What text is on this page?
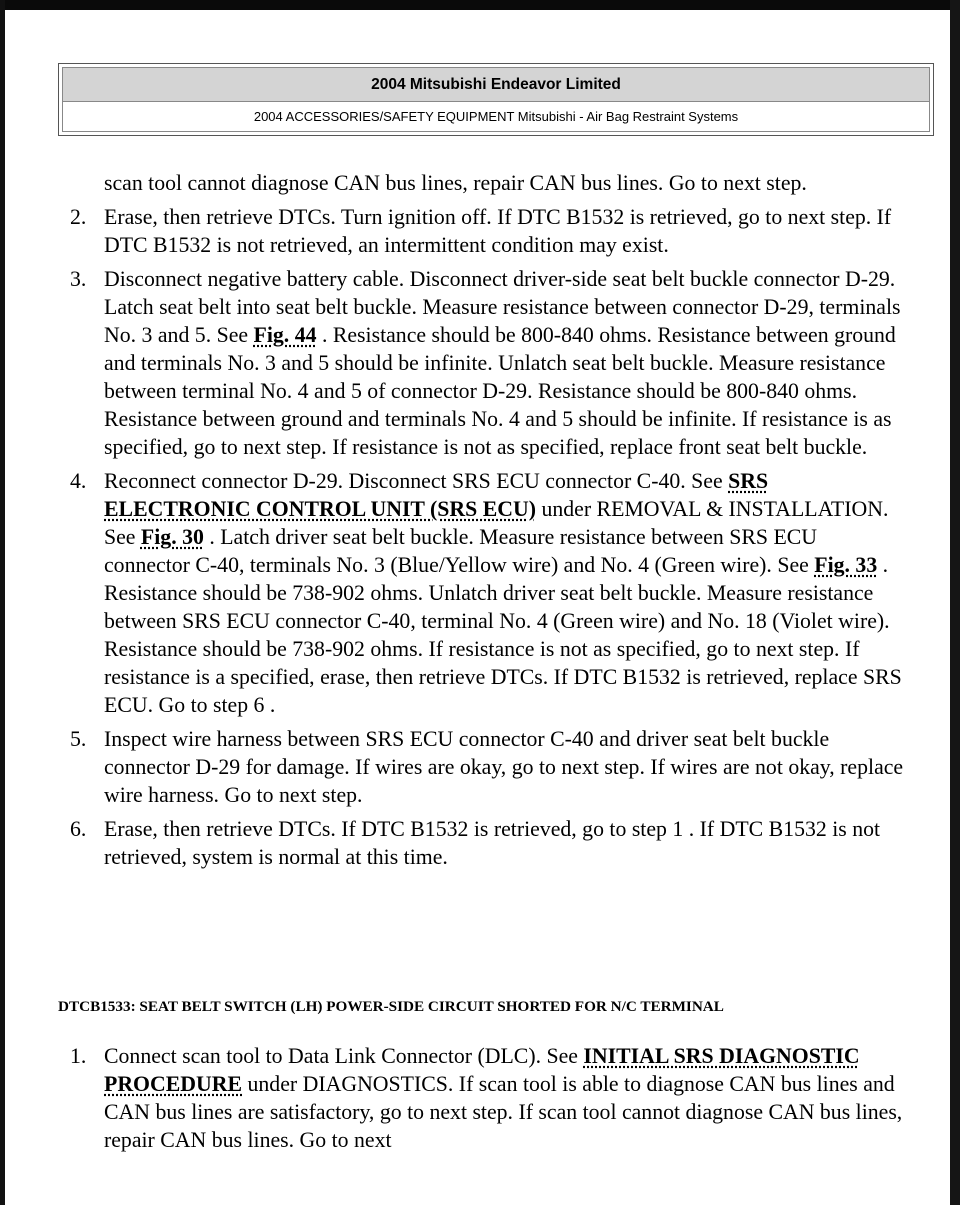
2004 Mitsubishi Endeavor Limited
2004 ACCESSORIES/SAFETY EQUIPMENT Mitsubishi - Air Bag Restraint Systems
scan tool cannot diagnose CAN bus lines, repair CAN bus lines. Go to next step.
2. Erase, then retrieve DTCs. Turn ignition off. If DTC B1532 is retrieved, go to next step. If DTC B1532 is not retrieved, an intermittent condition may exist.
3. Disconnect negative battery cable. Disconnect driver-side seat belt buckle connector D-29. Latch seat belt into seat belt buckle. Measure resistance between connector D-29, terminals No. 3 and 5. See Fig. 44 . Resistance should be 800-840 ohms. Resistance between ground and terminals No. 3 and 5 should be infinite. Unlatch seat belt buckle. Measure resistance between terminal No. 4 and 5 of connector D-29. Resistance should be 800-840 ohms. Resistance between ground and terminals No. 4 and 5 should be infinite. If resistance is as specified, go to next step. If resistance is not as specified, replace front seat belt buckle.
4. Reconnect connector D-29. Disconnect SRS ECU connector C-40. See SRS ELECTRONIC CONTROL UNIT (SRS ECU) under REMOVAL & INSTALLATION. See Fig. 30 . Latch driver seat belt buckle. Measure resistance between SRS ECU connector C-40, terminals No. 3 (Blue/Yellow wire) and No. 4 (Green wire). See Fig. 33 . Resistance should be 738-902 ohms. Unlatch driver seat belt buckle. Measure resistance between SRS ECU connector C-40, terminal No. 4 (Green wire) and No. 18 (Violet wire). Resistance should be 738-902 ohms. If resistance is not as specified, go to next step. If resistance is a specified, erase, then retrieve DTCs. If DTC B1532 is retrieved, replace SRS ECU. Go to step 6 .
5. Inspect wire harness between SRS ECU connector C-40 and driver seat belt buckle connector D-29 for damage. If wires are okay, go to next step. If wires are not okay, replace wire harness. Go to next step.
6. Erase, then retrieve DTCs. If DTC B1532 is retrieved, go to step 1 . If DTC B1532 is not retrieved, system is normal at this time.
DTCB1533: SEAT BELT SWITCH (LH) POWER-SIDE CIRCUIT SHORTED FOR N/C TERMINAL
1. Connect scan tool to Data Link Connector (DLC). See INITIAL SRS DIAGNOSTIC PROCEDURE under DIAGNOSTICS. If scan tool is able to diagnose CAN bus lines and CAN bus lines are satisfactory, go to next step. If scan tool cannot diagnose CAN bus lines, repair CAN bus lines. Go to next
